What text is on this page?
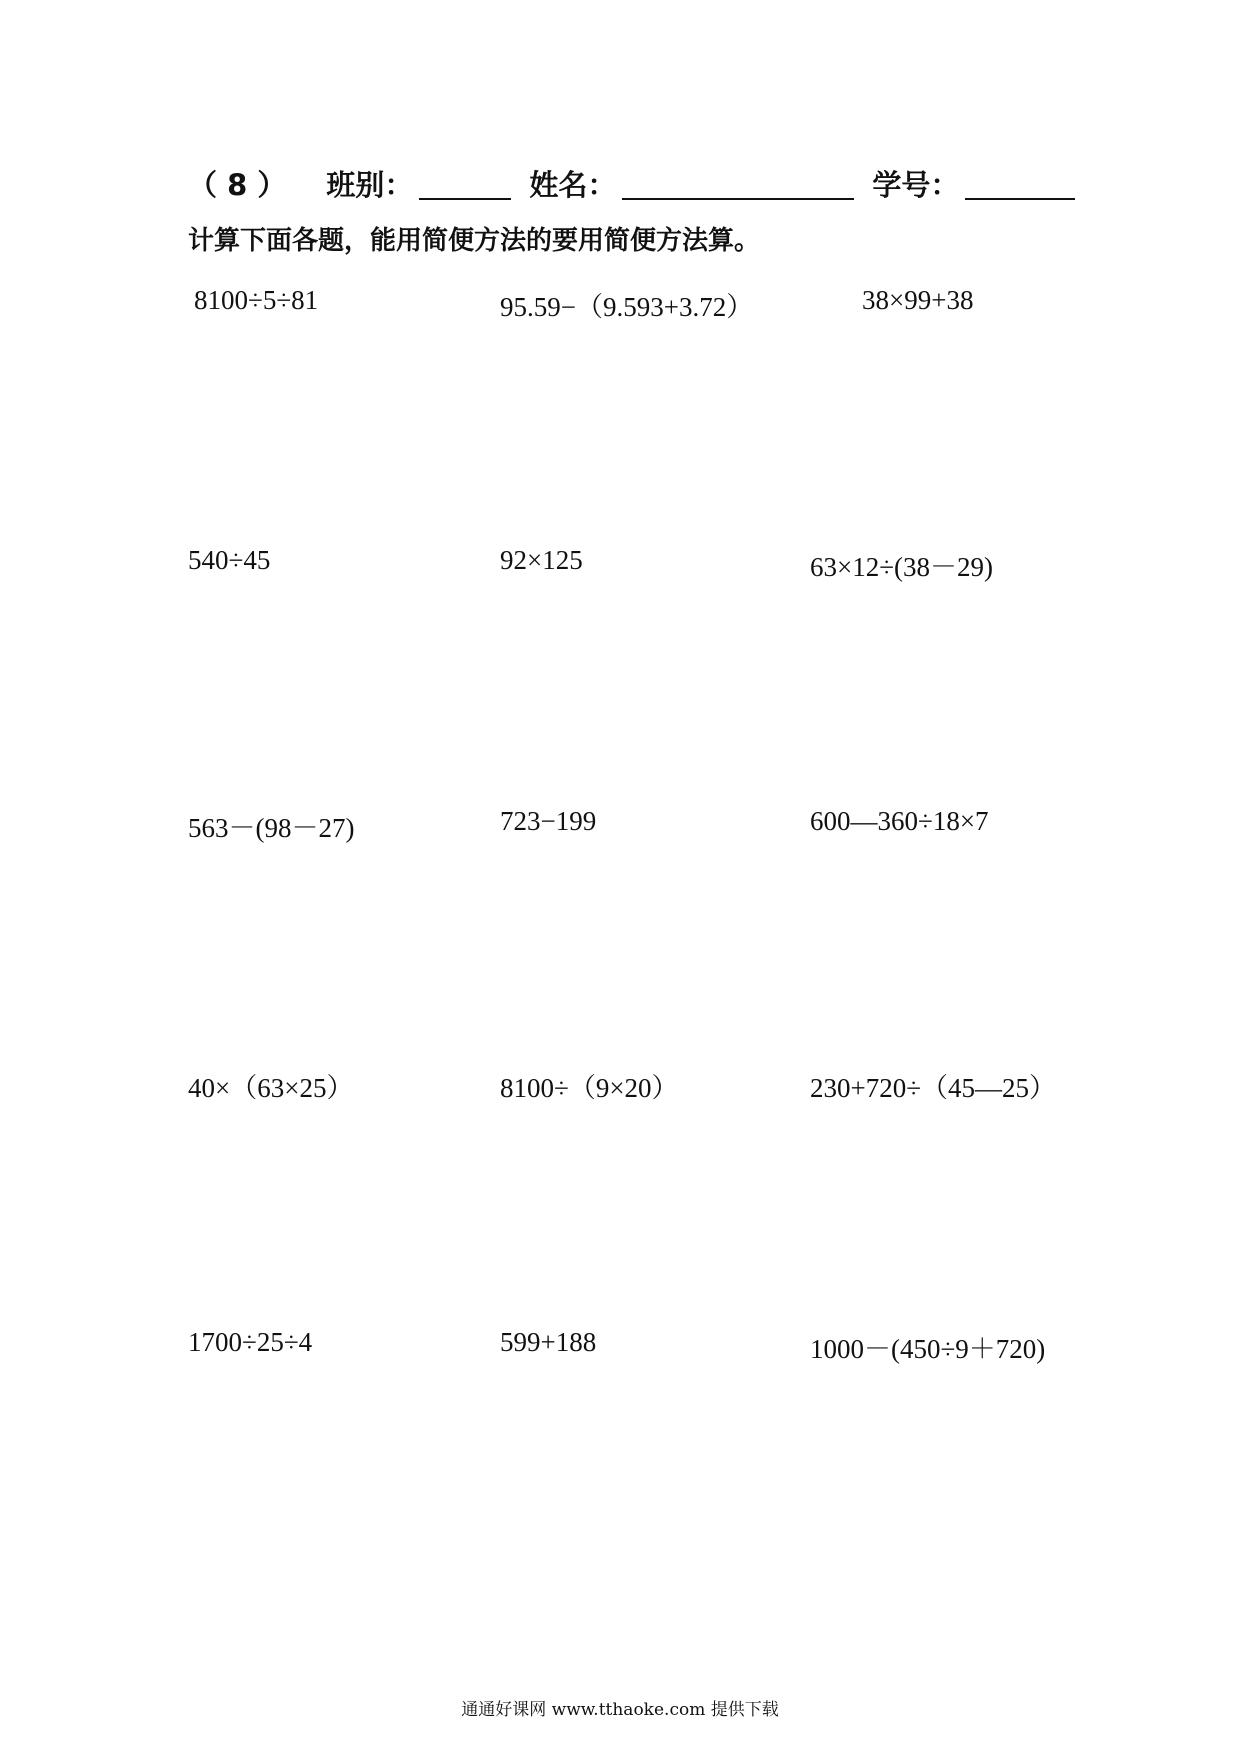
（ 8 ） 班别：	姓名：	学号：
计算下面各题，能用简便方法的要用简便方法算。
8100÷5÷81	95.59−（9.593+3.72）	38×99+38
540÷45	92×125	63×12÷(38－29)
563－(98－27)	723−199	600—360÷18×7
40×（63×25）	8100÷（9×20）	230+720÷（45—25）
1700÷25÷4	599+188	1000－(450÷9＋720)
通通好课网 www.tthaoke.com 提供下载
